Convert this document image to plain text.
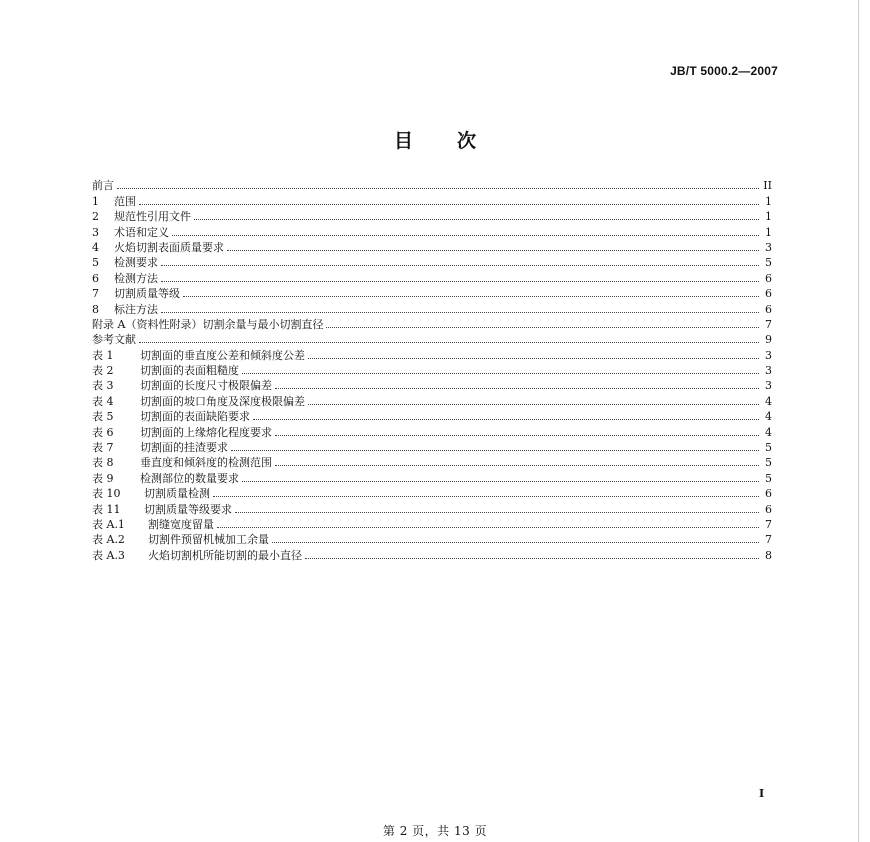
JB/T 5000.2—2007
目次
前言	II
1	范围	1
2	规范性引用文件	1
3	术语和定义	1
4	火焰切割表面质量要求	3
5	检测要求	5
6	检测方法	6
7	切割质量等级	6
8	标注方法	6
附录 A（资料性附录）切割余量与最小切割直径	7
参考文献	9
表 1	切割面的垂直度公差和倾斜度公差	3
表 2	切割面的表面粗糙度	3
表 3	切割面的长度尺寸极限偏差	3
表 4	切割面的坡口角度及深度极限偏差	4
表 5	切割面的表面缺陷要求	4
表 6	切割面的上缘熔化程度要求	4
表 7	切割面的挂渣要求	5
表 8	垂直度和倾斜度的检测范围	5
表 9	检测部位的数量要求	5
表 10	切割质量检测	6
表 11	切割质量等级要求	6
表 A.1	割缝宽度留量	7
表 A.2	切割件预留机械加工余量	7
表 A.3	火焰切割机所能切割的最小直径	8
I
第 2 页，共 13 页
